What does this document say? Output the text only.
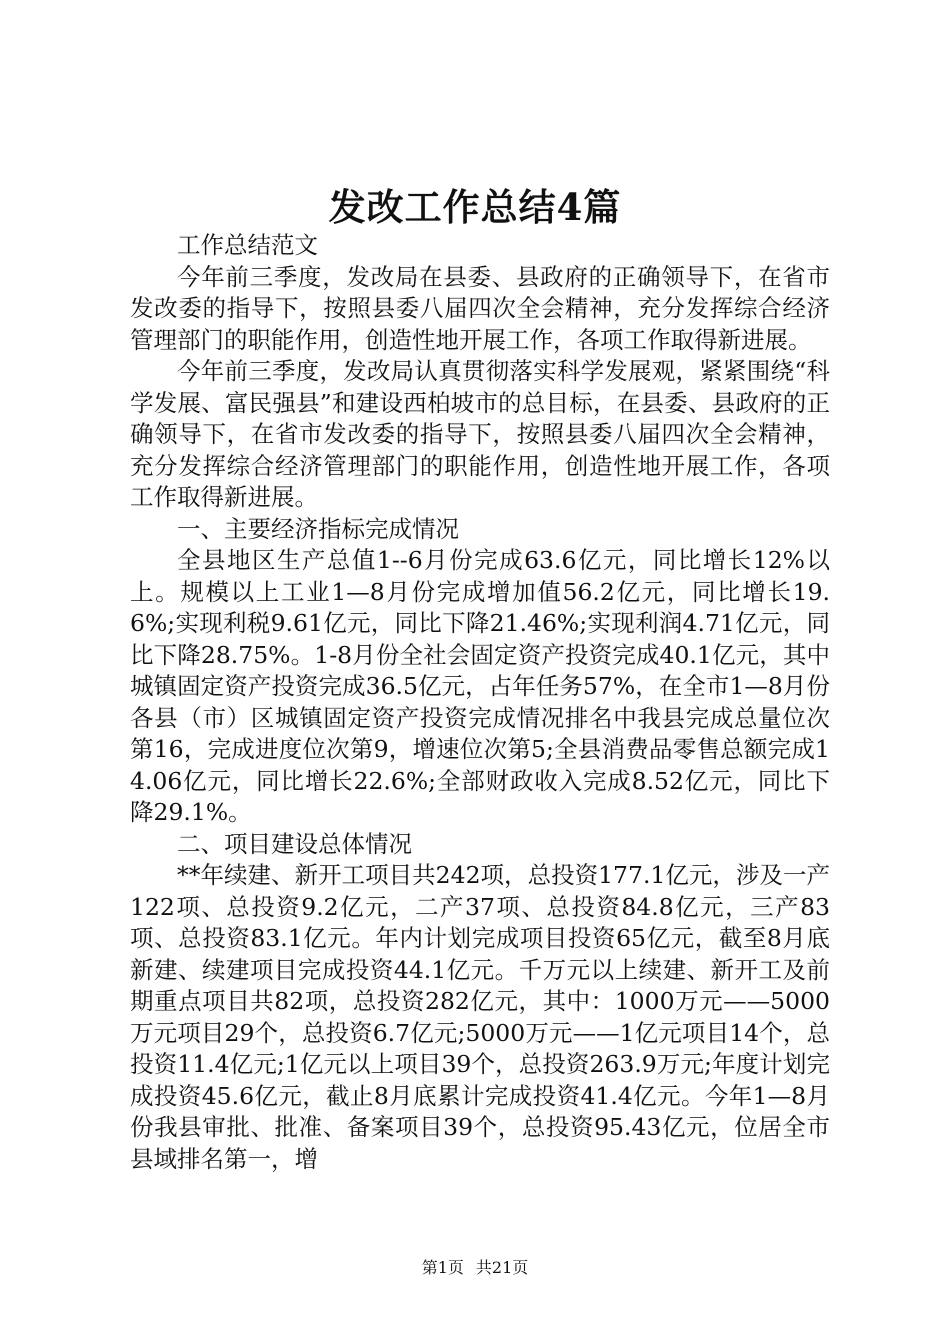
发改工作总结4篇

工作总结范文

今年前三季度，发改局在县委、县政府的正确领导下，在省市发改委的指导下，按照县委八届四次全会精神，充分发挥综合经济管理部门的职能作用，创造性地开展工作，各项工作取得新进展。

今年前三季度，发改局认真贯彻落实科学发展观，紧紧围绕“科学发展、富民强县”和建设西柏坡市的总目标，在县委、县政府的正确领导下，在省市发改委的指导下，按照县委八届四次全会精神，充分发挥综合经济管理部门的职能作用，创造性地开展工作，各项工作取得新进展。

一、主要经济指标完成情况

全县地区生产总值1--6月份完成63.6亿元，同比增长12%以上。规模以上工业1—8月份完成增加值56.2亿元，同比增长19.6%;实现利税9.61亿元，同比下降21.46%;实现利润4.71亿元，同比下降28.75%。1-8月份全社会固定资产投资完成40.1亿元，其中城镇固定资产投资完成36.5亿元，占年任务57%，在全市1—8月份各县（市）区城镇固定资产投资完成情况排名中我县完成总量位次第16，完成进度位次第9，增速位次第5;全县消费品零售总额完成14.06亿元，同比增长22.6%;全部财政收入完成8.52亿元，同比下降29.1%。

二、项目建设总体情况

**年续建、新开工项目共242项，总投资177.1亿元，涉及一产122项、总投资9.2亿元，二产37项、总投资84.8亿元，三产83项、总投资83.1亿元。年内计划完成项目投资65亿元，截至8月底新建、续建项目完成投资44.1亿元。千万元以上续建、新开工及前期重点项目共82项，总投资282亿元，其中：1000万元——5000万元项目29个，总投资6.7亿元;5000万元——1亿元项目14个，总投资11.4亿元;1亿元以上项目39个，总投资263.9万元;年度计划完成投资45.6亿元，截止8月底累计完成投资41.4亿元。今年1—8月份我县审批、批准、备案项目39个，总投资95.43亿元，位居全市县域排名第一，增

第1页 共21页
